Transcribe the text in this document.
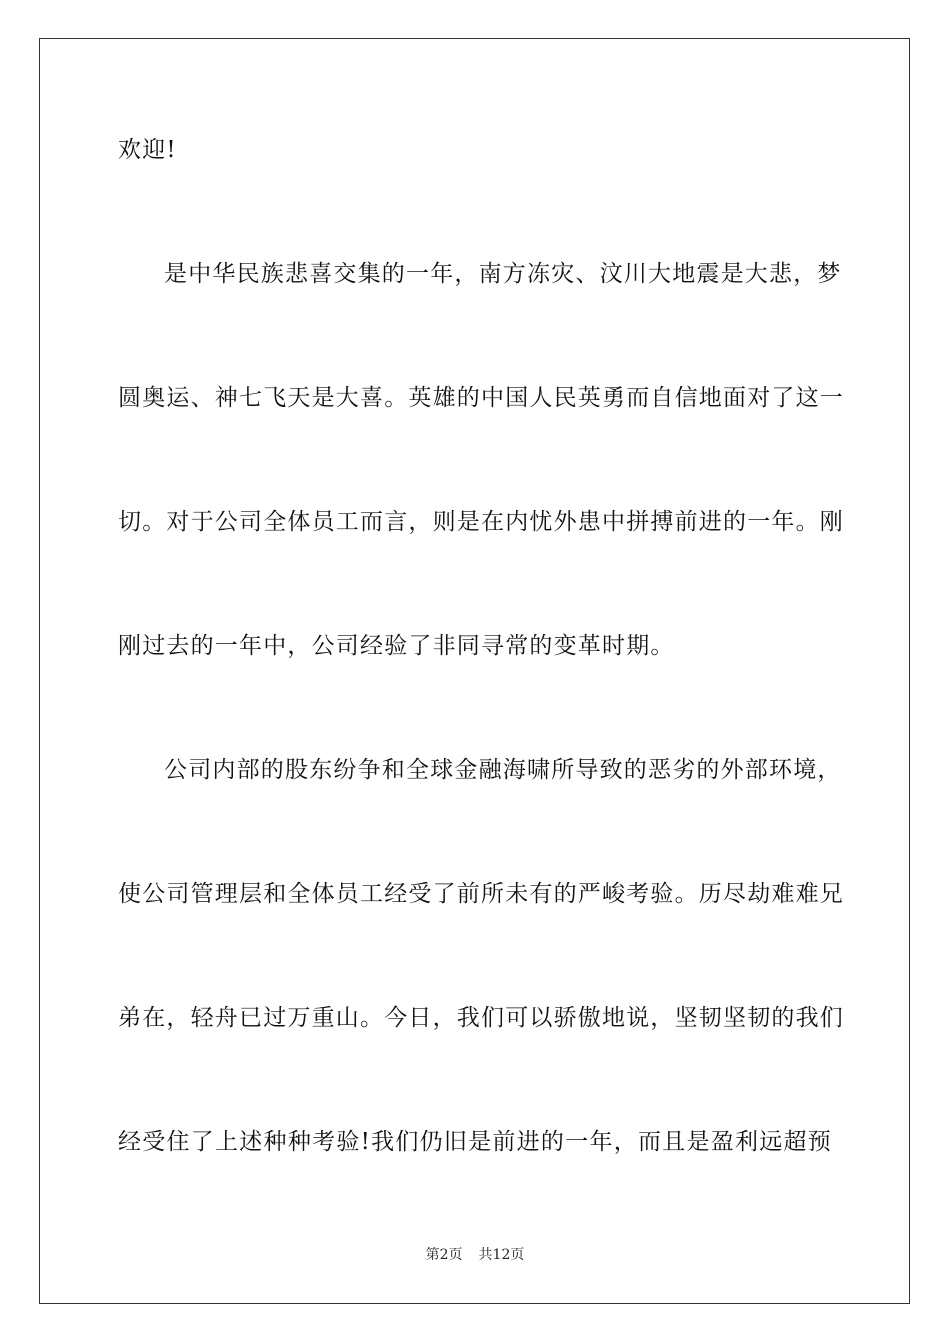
欢迎!
是中华民族悲喜交集的一年，南方冻灾、汶川大地震是大悲，梦
圆奥运、神七飞天是大喜。英雄的中国人民英勇而自信地面对了这一
切。对于公司全体员工而言，则是在内忧外患中拼搏前进的一年。刚
刚过去的一年中，公司经验了非同寻常的变革时期。
公司内部的股东纷争和全球金融海啸所导致的恶劣的外部环境，
使公司管理层和全体员工经受了前所未有的严峻考验。历尽劫难难兄
弟在，轻舟已过万重山。今日，我们可以骄傲地说，坚韧坚韧的我们
经受住了上述种种考验!我们仍旧是前进的一年，而且是盈利远超预
第2页 共12页
